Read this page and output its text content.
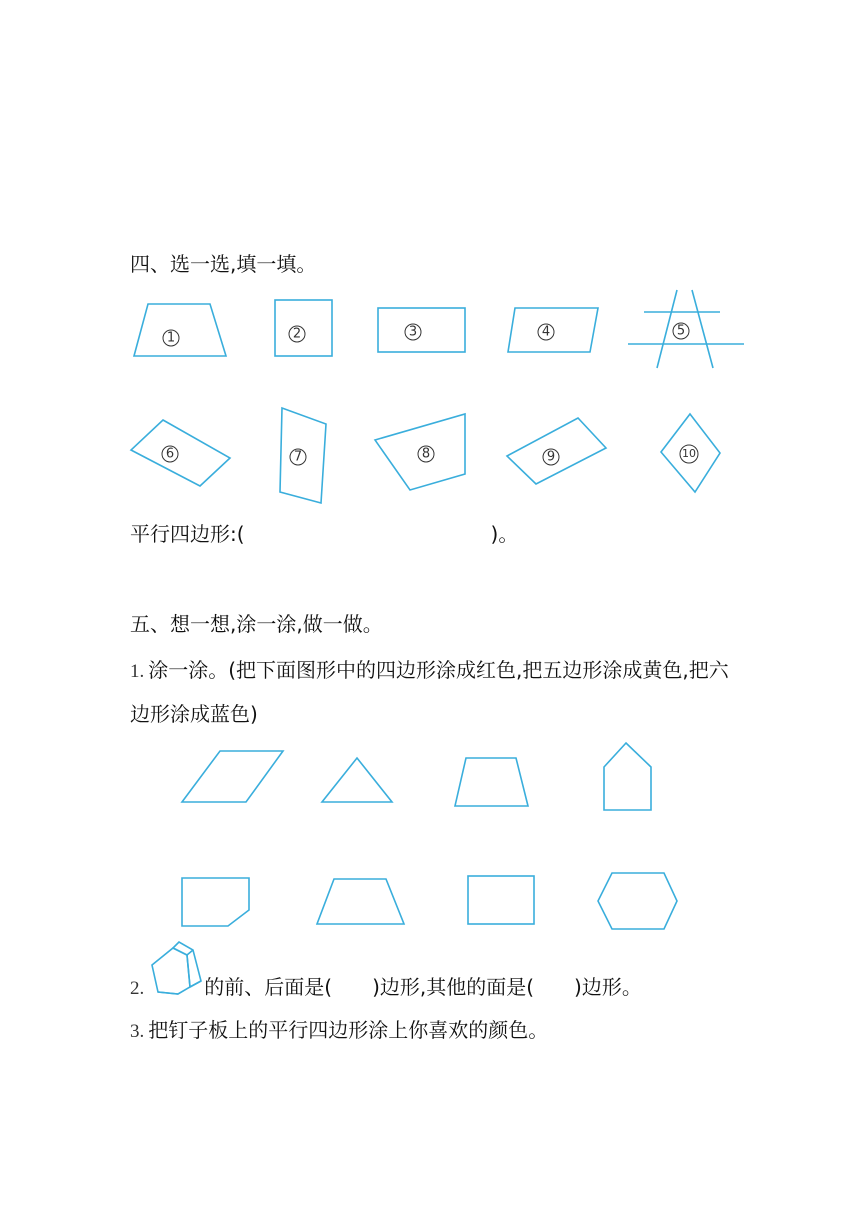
四、选一选,填一填。
平行四边形:(	)。
五、想一想,涂一涂,做一做。
1. 涂一涂。(把下面图形中的四边形涂成红色,把五边形涂成黄色,把六
边形涂成蓝色)
2.	的前、后面是( )边形,其他的面是( )边形。
3. 把钉子板上的平行四边形涂上你喜欢的颜色。
1	2	3	4	5
6	7	8	9	10
